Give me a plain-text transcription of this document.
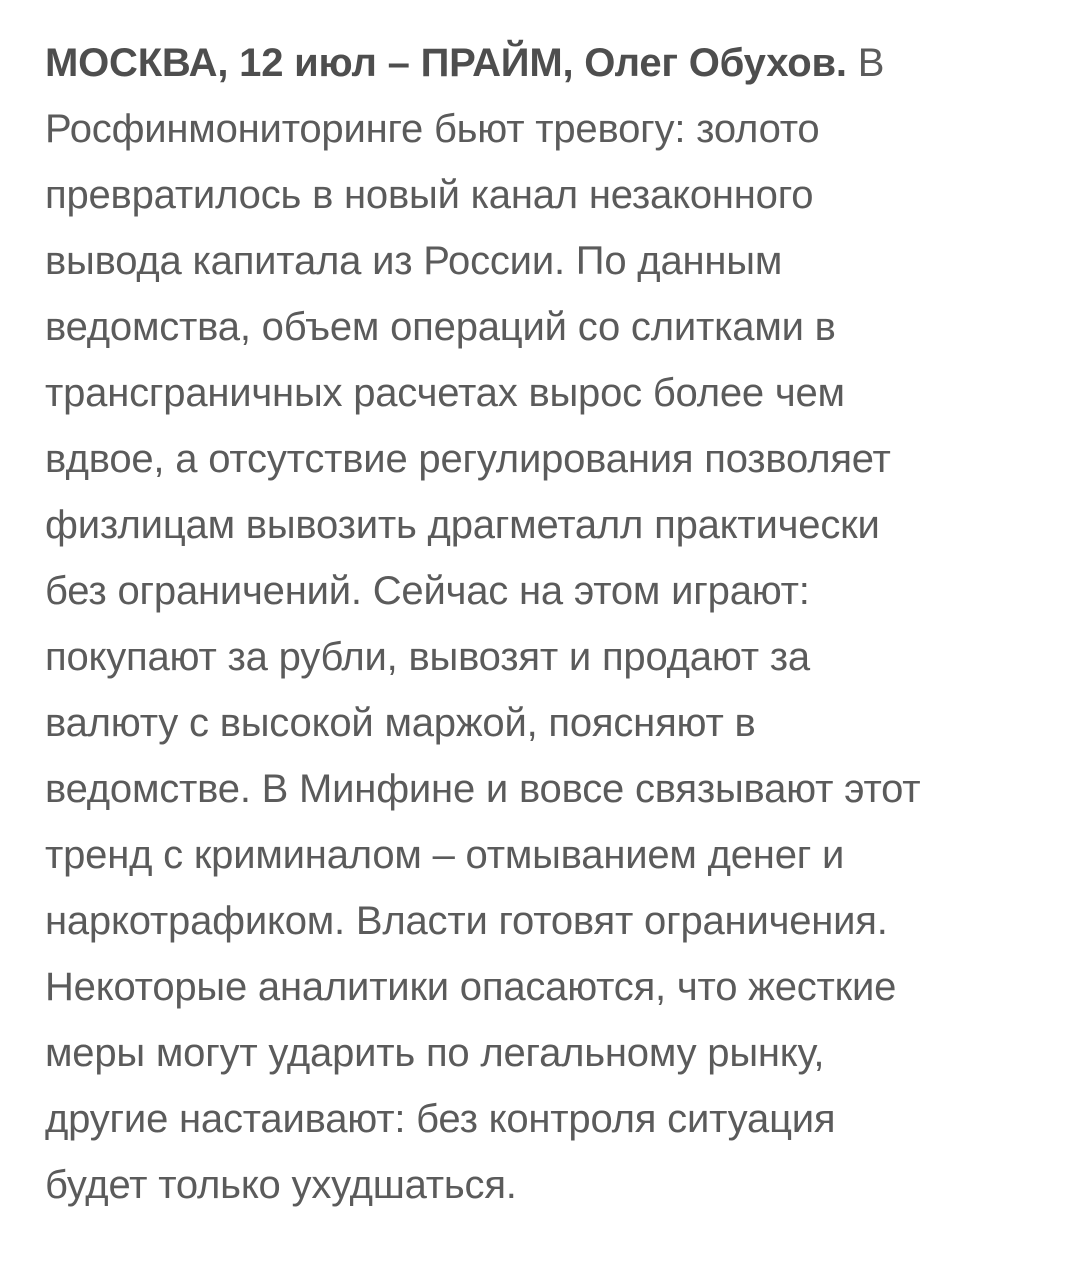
МОСКВА, 12 июл – ПРАЙМ, Олег Обухов. В
Росфинмониторинге бьют тревогу: золото
превратилось в новый канал незаконного
вывода капитала из России. По данным
ведомства, объем операций со слитками в
трансграничных расчетах вырос более чем
вдвое, а отсутствие регулирования позволяет
физлицам вывозить драгметалл практически
без ограничений. Сейчас на этом играют:
покупают за рубли, вывозят и продают за
валюту с высокой маржой, поясняют в
ведомстве. В Минфине и вовсе связывают этот
тренд с криминалом – отмыванием денег и
наркотрафиком. Власти готовят ограничения.
Некоторые аналитики опасаются, что жесткие
меры могут ударить по легальному рынку,
другие настаивают: без контроля ситуация
будет только ухудшаться.
